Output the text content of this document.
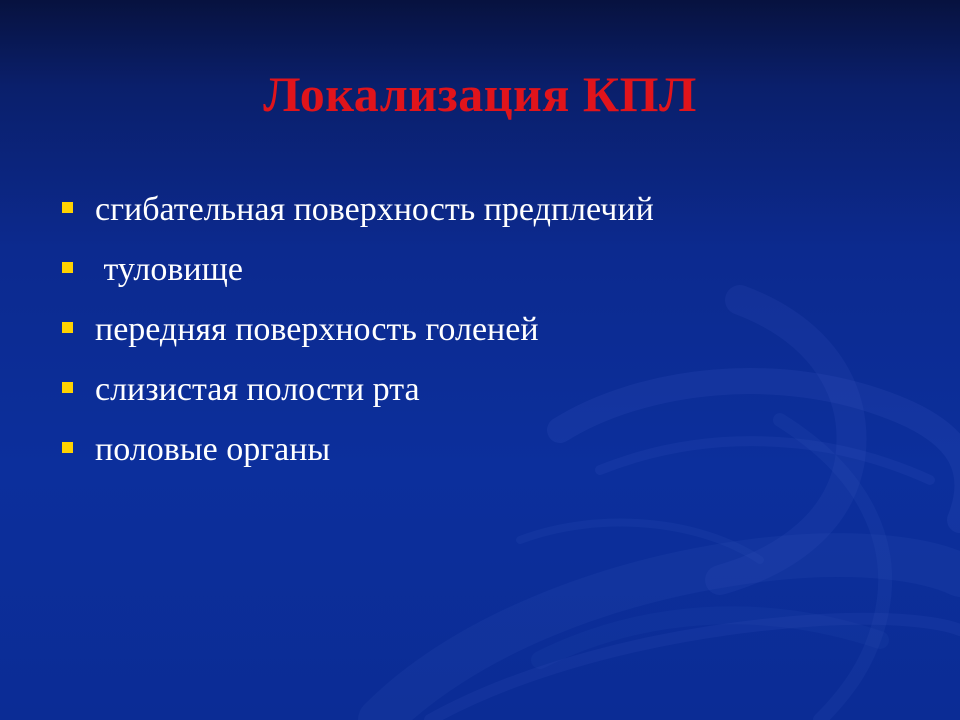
Локализация КПЛ
сгибательная поверхность предплечий
туловище
передняя поверхность голеней
слизистая полости рта
половые органы
